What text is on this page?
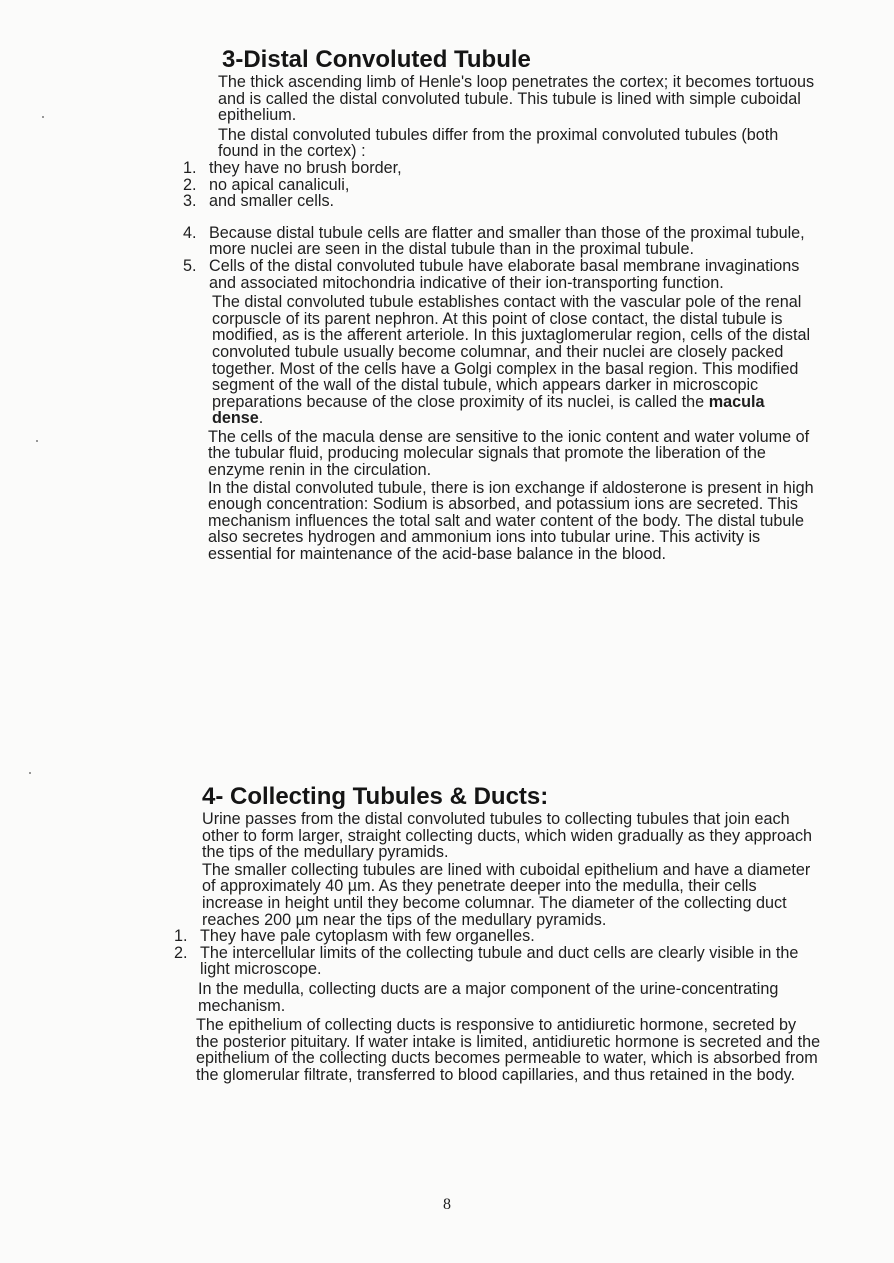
3-Distal Convoluted Tubule

The thick ascending limb of Henle's loop penetrates the cortex; it becomes tortuous and is called the distal convoluted tubule. This tubule is lined with simple cuboidal epithelium.

The distal convoluted tubules differ from the proximal convoluted tubules (both found in the cortex) :

1. they have no brush border,
2. no apical canaliculi,
3. and smaller cells.
4. Because distal tubule cells are flatter and smaller than those of the proximal tubule, more nuclei are seen in the distal tubule than in the proximal tubule.
5. Cells of the distal convoluted tubule have elaborate basal membrane invaginations and associated mitochondria indicative of their ion-transporting function.

The distal convoluted tubule establishes contact with the vascular pole of the renal corpuscle of its parent nephron. At this point of close contact, the distal tubule is modified, as is the afferent arteriole. In this juxtaglomerular region, cells of the distal convoluted tubule usually become columnar, and their nuclei are closely packed together. Most of the cells have a Golgi complex in the basal region. This modified segment of the wall of the distal tubule, which appears darker in microscopic preparations because of the close proximity of its nuclei, is called the macula dense.

The cells of the macula dense are sensitive to the ionic content and water volume of the tubular fluid, producing molecular signals that promote the liberation of the enzyme renin in the circulation.

In the distal convoluted tubule, there is ion exchange if aldosterone is present in high enough concentration: Sodium is absorbed, and potassium ions are secreted. This mechanism influences the total salt and water content of the body. The distal tubule also secretes hydrogen and ammonium ions into tubular urine. This activity is essential for maintenance of the acid-base balance in the blood.

4- Collecting Tubules & Ducts:

Urine passes from the distal convoluted tubules to collecting tubules that join each other to form larger, straight collecting ducts, which widen gradually as they approach the tips of the medullary pyramids.

The smaller collecting tubules are lined with cuboidal epithelium and have a diameter of approximately 40 µm. As they penetrate deeper into the medulla, their cells increase in height until they become columnar. The diameter of the collecting duct reaches 200 µm near the tips of the medullary pyramids.

1. They have pale cytoplasm with few organelles.
2. The intercellular limits of the collecting tubule and duct cells are clearly visible in the light microscope.

In the medulla, collecting ducts are a major component of the urine-concentrating mechanism.

The epithelium of collecting ducts is responsive to antidiuretic hormone, secreted by the posterior pituitary. If water intake is limited, antidiuretic hormone is secreted and the epithelium of the collecting ducts becomes permeable to water, which is absorbed from the glomerular filtrate, transferred to blood capillaries, and thus retained in the body.

8
